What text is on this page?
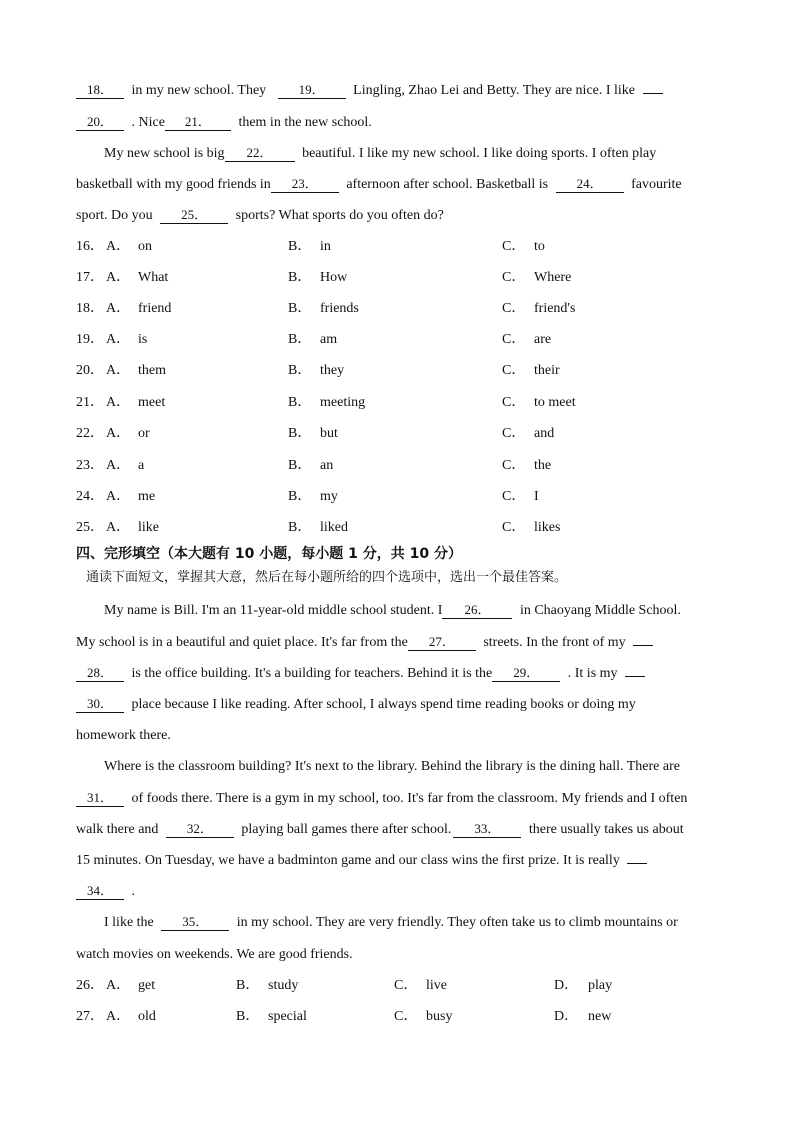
18． in my new school. They 19． Lingling, Zhao Lei and Betty. They are nice. I like
20． . Nice 21． them in the new school.
My new school is big 22． beautiful. I like my new school. I like doing sports. I often play
basketball with my good friends in 23． afternoon after school. Basketball is 24． favourite
sport. Do you 25． sports? What sports do you often do?
16． A． on	B． in	C． to
17． A． What	B． How	C． Where
18． A． friend	B． friends	C． friend's
19． A． is	B． am	C． are
20． A． them	B． they	C． their
21． A． meet	B． meeting	C． to meet
22． A． or	B． but	C． and
23． A． a	B． an	C． the
24． A． me	B． my	C． I
25． A． like	B． liked	C． likes
四、完形填空（本大题有 10 小题，每小题 1 分，共 10 分）
通读下面短文，掌握其大意，然后在每小题所给的四个选项中，选出一个最佳答案。
My name is Bill. I'm an 11-year-old middle school student. I 26． in Chaoyang Middle School.
My school is in a beautiful and quiet place. It's far from the 27． streets. In the front of my
28． is the office building. It's a building for teachers. Behind it is the 29． . It is my
30． place because I like reading. After school, I always spend time reading books or doing my
homework there.
Where is the classroom building? It's next to the library. Behind the library is the dining hall. There are
31． of foods there. There is a gym in my school, too. It's far from the classroom. My friends and I often
walk there and 32． playing ball games there after school. 33． there usually takes us about
15 minutes. On Tuesday, we have a badminton game and our class wins the first prize. It is really
34． .
I like the 35． in my school. They are very friendly. They often take us to climb mountains or
watch movies on weekends. We are good friends.
26． A． get	B． study	C． live	D． play
27． A． old	B． special	C． busy	D． new
